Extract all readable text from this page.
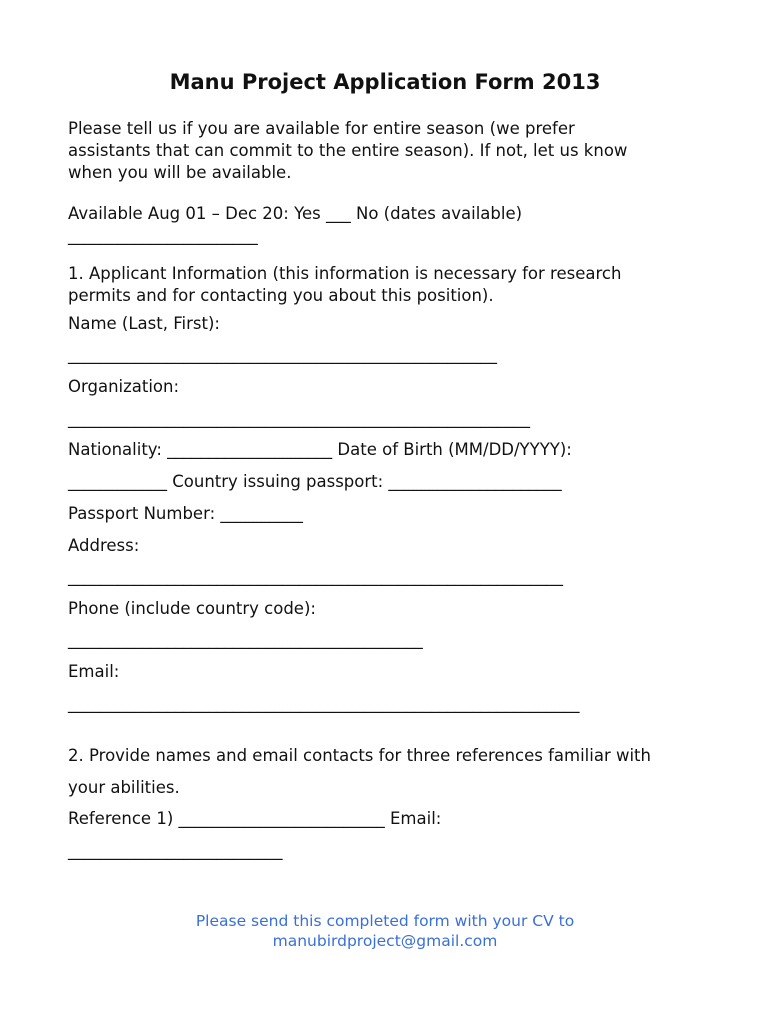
Manu Project Application Form 2013
Please tell us if you are available for entire season (we prefer
assistants that can commit to the entire season). If not, let us know
when you will be available.
Available Aug 01 – Dec 20: Yes ___ No (dates available)
_______________________
1. Applicant Information (this information is necessary for research
permits and for contacting you about this position).
Name (Last, First):
____________________________________________________
Organization:
________________________________________________________
Nationality: ____________________ Date of Birth (MM/DD/YYYY):
____________ Country issuing passport: _____________________
Passport Number: __________
Address:
____________________________________________________________
Phone (include country code):
___________________________________________
Email:
______________________________________________________________
2. Provide names and email contacts for three references familiar with
your abilities.
Reference 1) _________________________ Email:
__________________________
Please send this completed form with your CV to
manubirdproject@gmail.com
